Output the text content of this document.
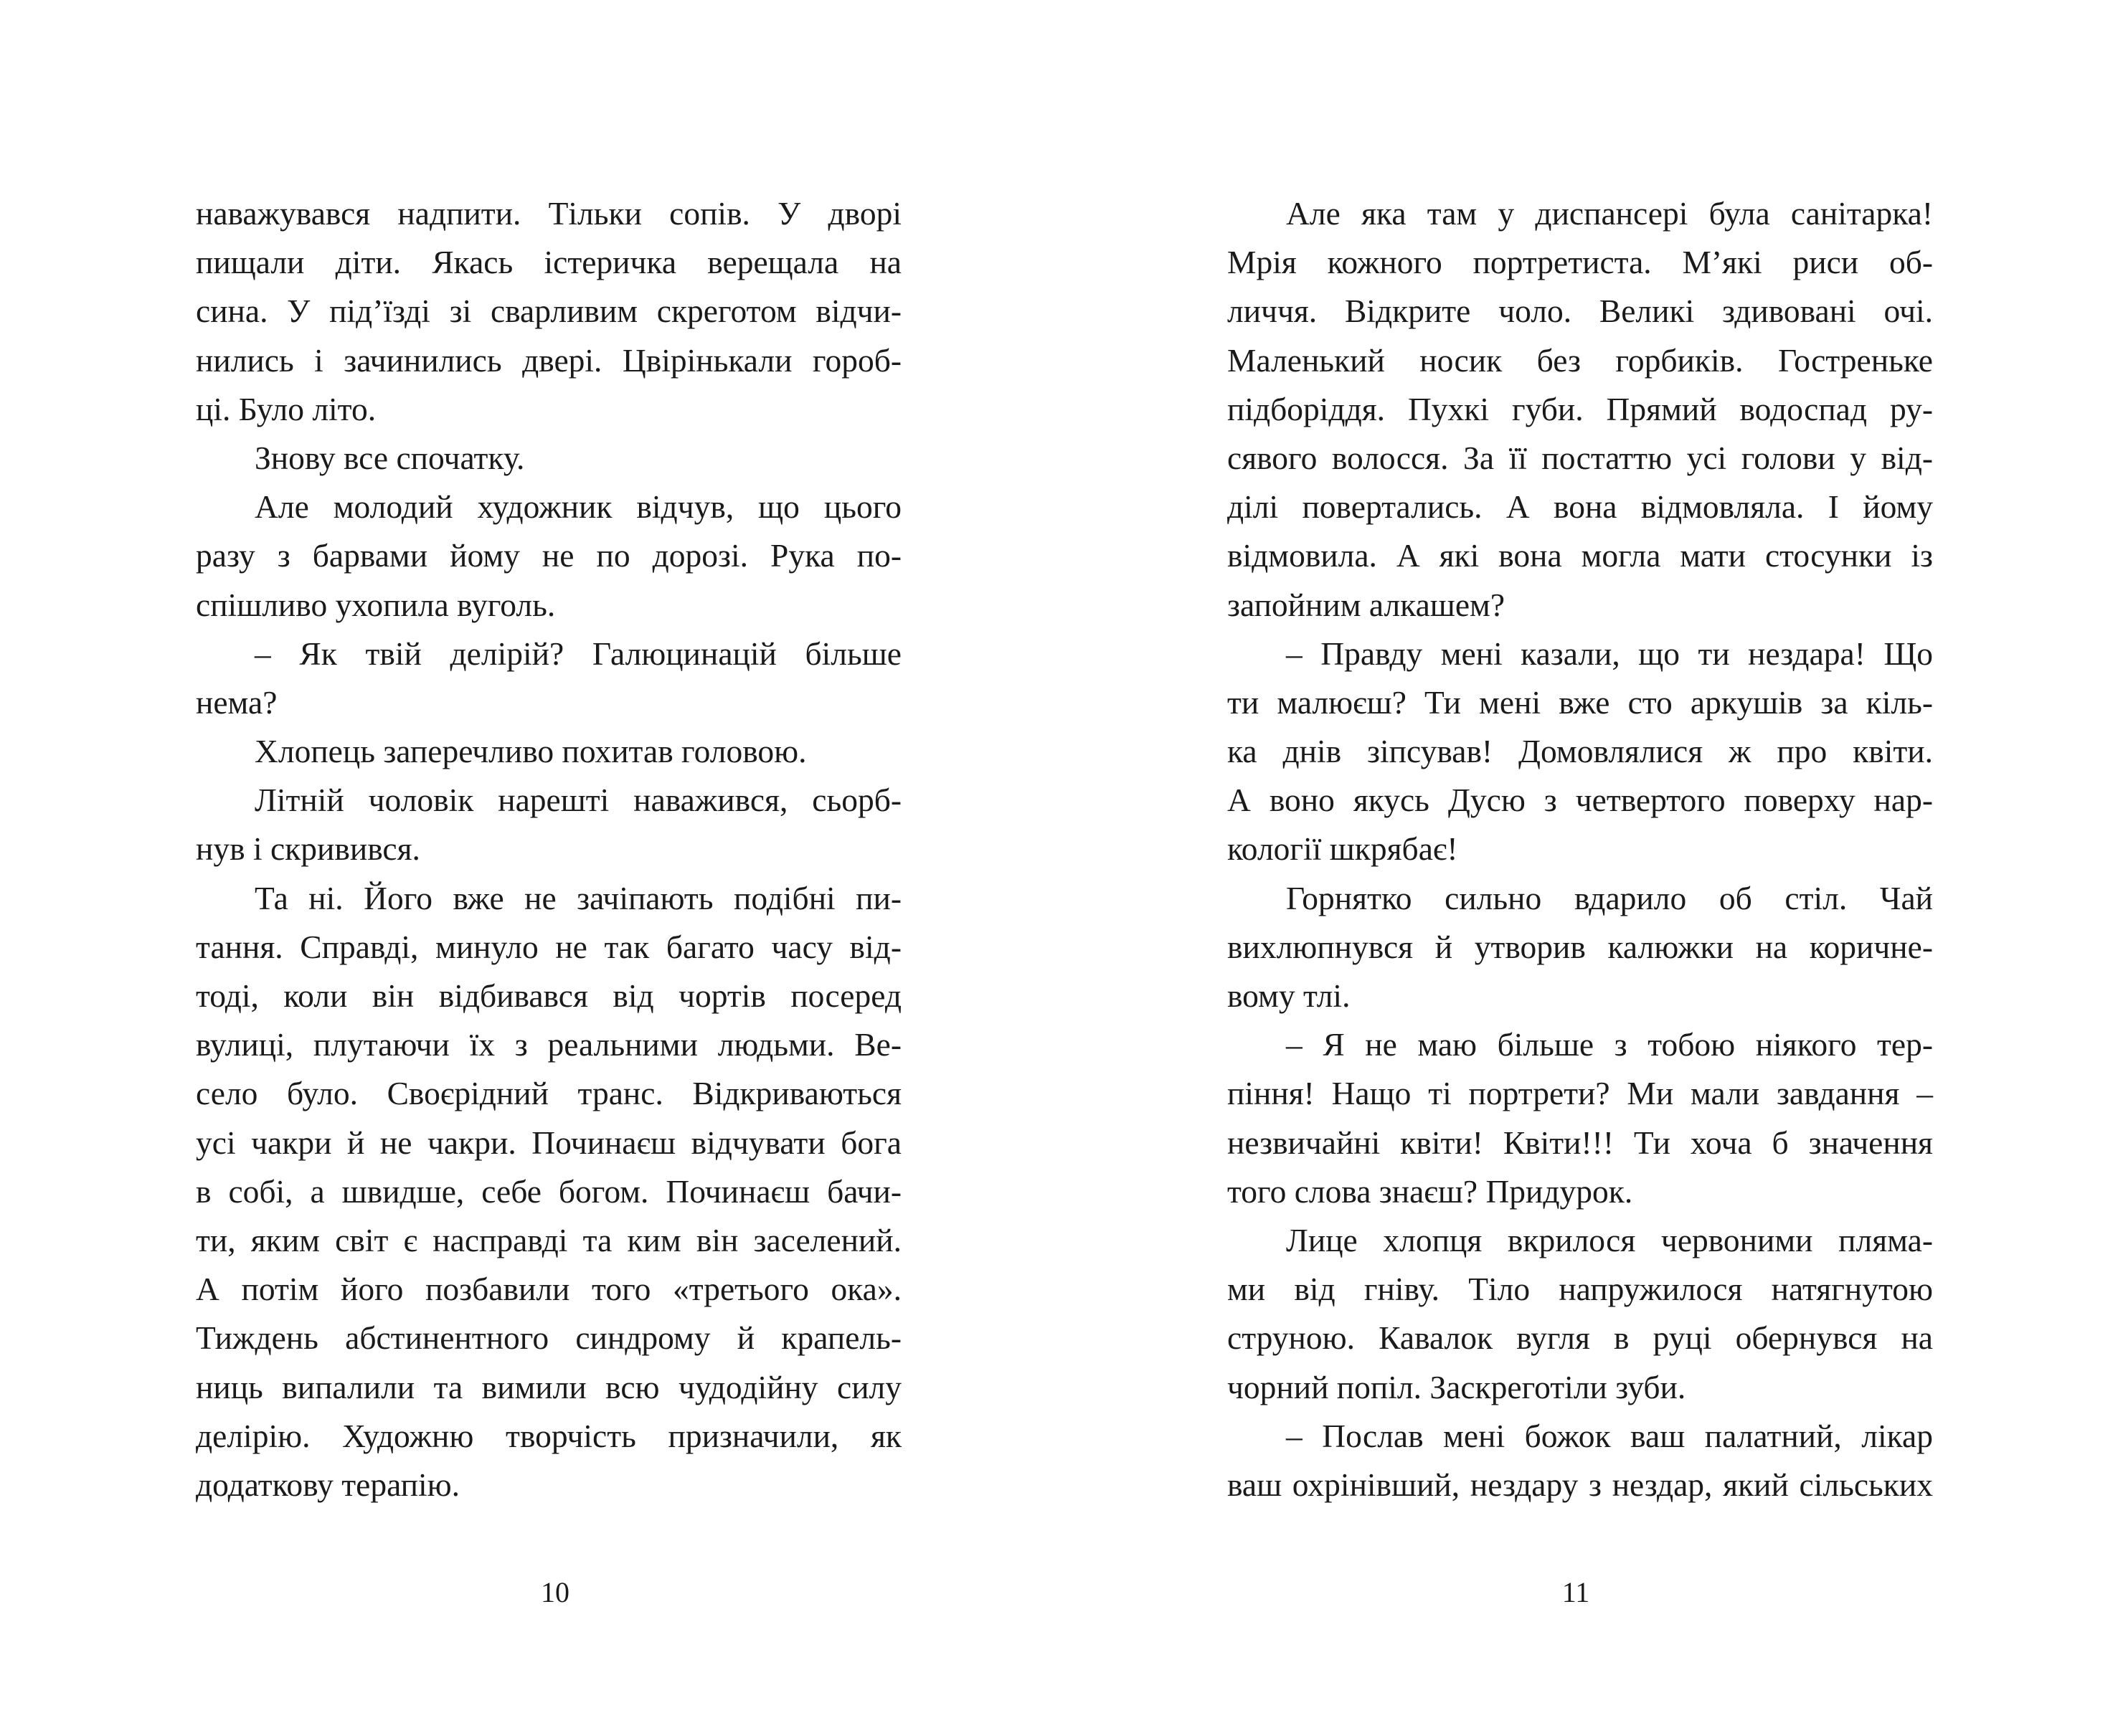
наважувався надпити. Тільки сопів. У дворі
пищали діти. Якась істеричка верещала на
сина. У під’їзді зі сварливим скреготом відчи-
нились і зачинились двері. Цвірінькали гороб-
ці. Було літо.
Знову все спочатку.
Але молодий художник відчув, що цього
разу з барвами йому не по дорозі. Рука по-
спішливо ухопила вуголь.
– Як твій делірій? Галюцинацій більше
нема?
Хлопець заперечливо похитав головою.
Літній чоловік нарешті наважився, сьорб-
нув і скривився.
Та ні. Його вже не зачіпають подібні пи-
тання. Справді, минуло не так багато часу від-
тоді, коли він відбивався від чортів посеред
вулиці, плутаючи їх з реальними людьми. Ве-
село було. Своєрідний транс. Відкриваються
усі чакри й не чакри. Починаєш відчувати бога
в собі, а швидше, себе богом. Починаєш бачи-
ти, яким світ є насправді та ким він заселений.
А потім його позбавили того «третього ока».
Тиждень абстинентного синдрому й крапель-
ниць випалили та вимили всю чудодійну силу
делірію. Художню творчість призначили, як
додаткову терапію.
Але яка там у диспансері була санітарка!
Мрія кожного портретиста. М’які риси об-
личчя. Відкрите чоло. Великі здивовані очі.
Маленький носик без горбиків. Гостреньке
підборіддя. Пухкі губи. Прямий водоспад ру-
сявого волосся. За її постаттю усі голови у від-
ділі повертались. А вона відмовляла. І йому
відмовила. А які вона могла мати стосунки із
запойним алкашем?
– Правду мені казали, що ти нездара! Що
ти малюєш? Ти мені вже сто аркушів за кіль-
ка днів зіпсував! Домовлялися ж про квіти.
А воно якусь Дусю з четвертого поверху нар-
кології шкрябає!
Горнятко сильно вдарило об стіл. Чай
вихлюпнувся й утворив калюжки на коричне-
вому тлі.
– Я не маю більше з тобою ніякого тер-
піння! Нащо ті портрети? Ми мали завдання –
незвичайні квіти! Квіти!!! Ти хоча б значення
того слова знаєш? Придурок.
Лице хлопця вкрилося червоними пляма-
ми від гніву. Тіло напружилося натягнутою
струною. Кавалок вугля в руці обернувся на
чорний попіл. Заскреготіли зуби.
– Послав мені божок ваш палатний, лікар
ваш охрінівший, нездару з нездар, який сільських
10	11
